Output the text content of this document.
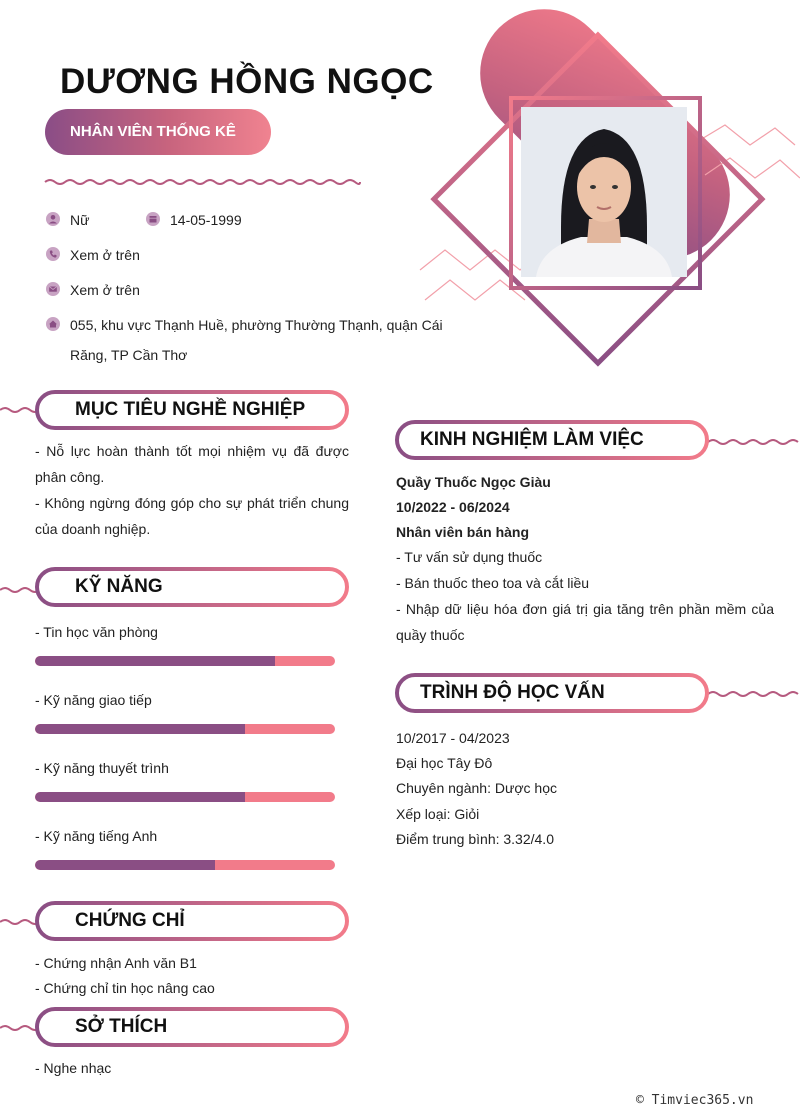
DƯƠNG HỒNG NGỌC
NHÂN VIÊN THỐNG KÊ
Nữ	14-05-1999
Xem ở trên
Xem ở trên
055, khu vực Thạnh Huề, phường Thường Thạnh, quận Cái
Răng, TP Cần Thơ
MỤC TIÊU NGHỀ NGHIỆP
- Nỗ lực hoàn thành tốt mọi nhiệm vụ đã được phân công.
- Không ngừng đóng góp cho sự phát triển chung của doanh nghiệp.
KỸ NĂNG
- Tin học văn phòng
- Kỹ năng giao tiếp
- Kỹ năng thuyết trình
- Kỹ năng tiếng Anh
CHỨNG CHỈ
- Chứng nhận Anh văn B1
- Chứng chỉ tin học nâng cao
SỞ THÍCH
- Nghe nhạc
KINH NGHIỆM LÀM VIỆC
Quầy Thuốc Ngọc Giàu
10/2022 - 06/2024
Nhân viên bán hàng
- Tư vấn sử dụng thuốc
- Bán thuốc theo toa và cắt liều
- Nhập dữ liệu hóa đơn giá trị gia tăng trên phần mềm của quầy thuốc
TRÌNH ĐỘ HỌC VẤN
10/2017 - 04/2023
Đại học Tây Đô
Chuyên ngành: Dược học
Xếp loại: Giỏi
Điểm trung bình: 3.32/4.0
© Timviec365.vn
